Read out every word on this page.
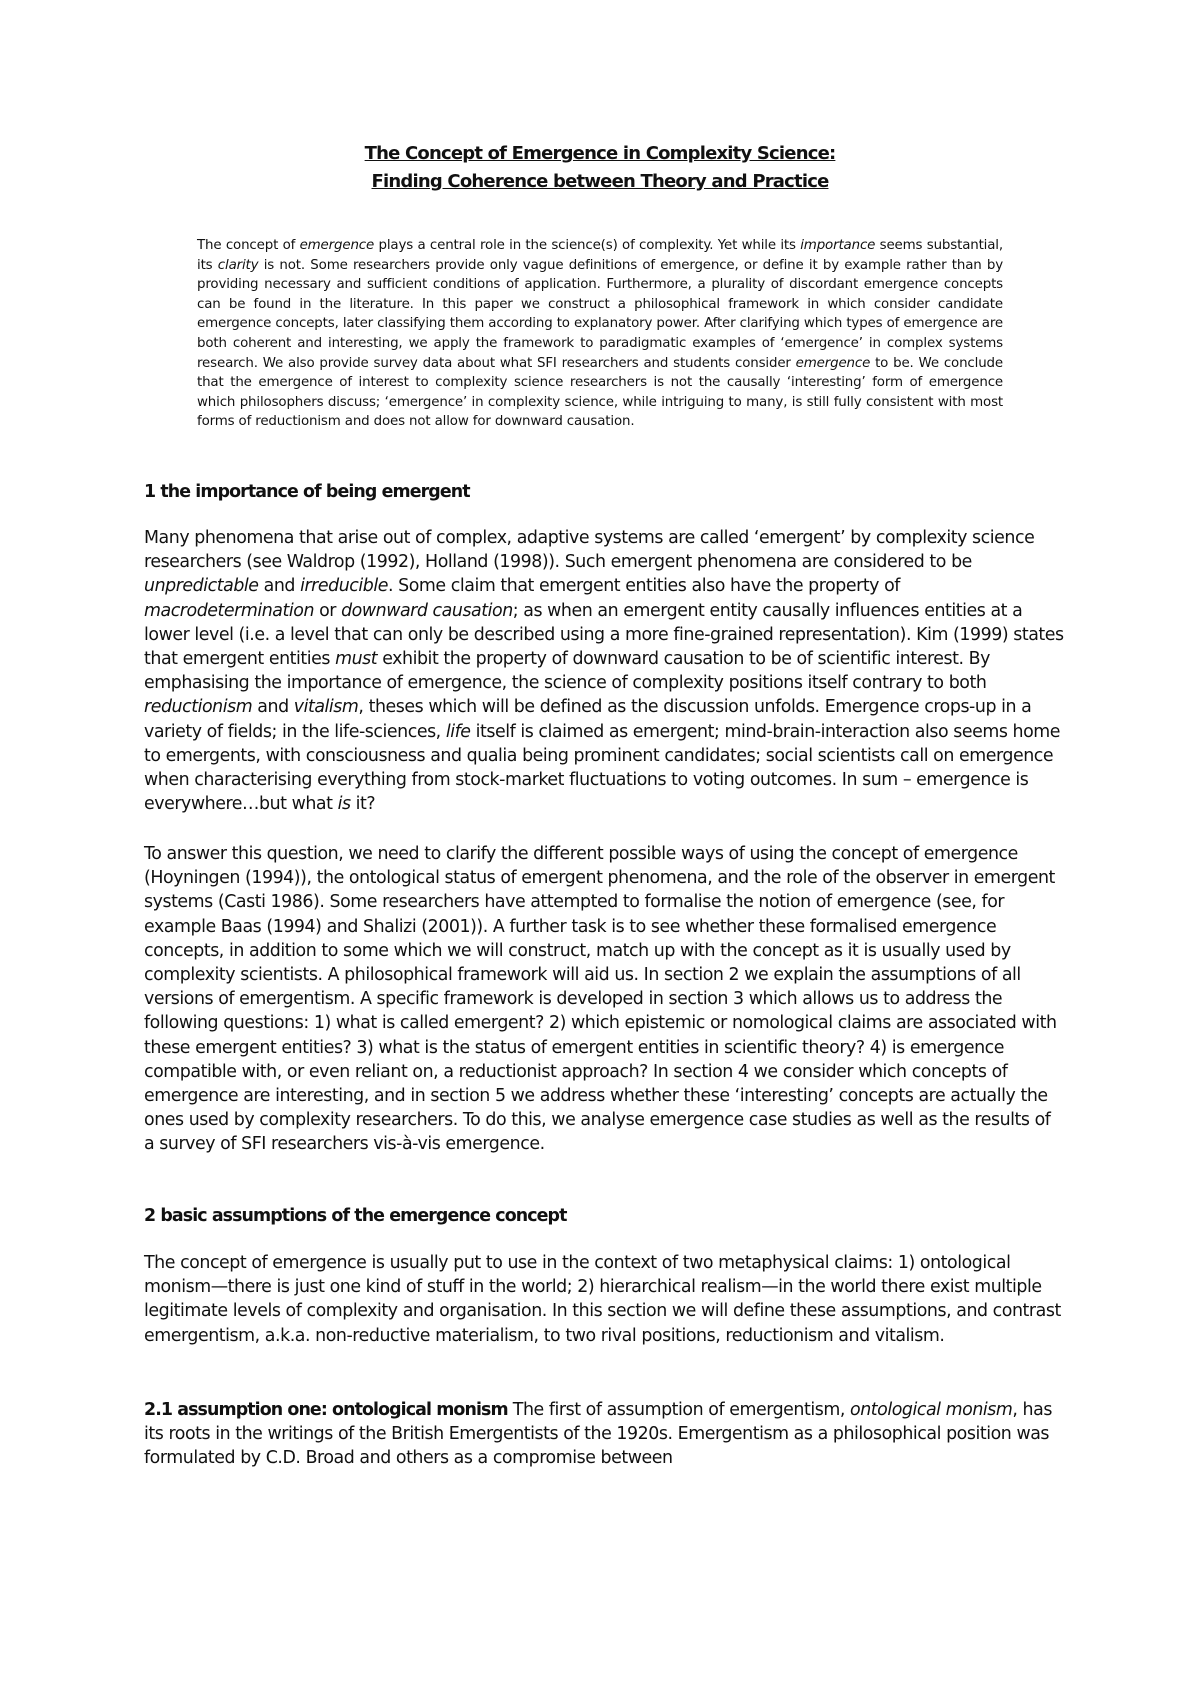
The Concept of Emergence in Complexity Science:

Finding Coherence between Theory and Practice

The concept of emergence plays a central role in the science(s) of complexity. Yet while its importance seems substantial, its clarity is not. Some researchers provide only vague definitions of emergence, or define it by example rather than by providing necessary and sufficient conditions of application. Furthermore, a plurality of discordant emergence concepts can be found in the literature. In this paper we construct a philosophical framework in which consider candidate emergence concepts, later classifying them according to explanatory power. After clarifying which types of emergence are both coherent and interesting, we apply the framework to paradigmatic examples of ‘emergence’ in complex systems research. We also provide survey data about what SFI researchers and students consider emergence to be. We conclude that the emergence of interest to complexity science researchers is not the causally ‘interesting’ form of emergence which philosophers discuss; ‘emergence’ in complexity science, while intriguing to many, is still fully consistent with most forms of reductionism and does not allow for downward causation.

1 the importance of being emergent

Many phenomena that arise out of complex, adaptive systems are called ‘emergent’ by complexity science researchers (see Waldrop (1992), Holland (1998)). Such emergent phenomena are considered to be unpredictable and irreducible. Some claim that emergent entities also have the property of macrodetermination or downward causation; as when an emergent entity causally influences entities at a lower level (i.e. a level that can only be described using a more fine-grained representation). Kim (1999) states that emergent entities must exhibit the property of downward causation to be of scientific interest. By emphasising the importance of emergence, the science of complexity positions itself contrary to both reductionism and vitalism, theses which will be defined as the discussion unfolds. Emergence crops-up in a variety of fields; in the life-sciences, life itself is claimed as emergent; mind-brain-interaction also seems home to emergents, with consciousness and qualia being prominent candidates; social scientists call on emergence when characterising everything from stock-market fluctuations to voting outcomes. In sum – emergence is everywhere…but what is it?

To answer this question, we need to clarify the different possible ways of using the concept of emergence (Hoyningen (1994)), the ontological status of emergent phenomena, and the role of the observer in emergent systems (Casti 1986). Some researchers have attempted to formalise the notion of emergence (see, for example Baas (1994) and Shalizi (2001)). A further task is to see whether these formalised emergence concepts, in addition to some which we will construct, match up with the concept as it is usually used by complexity scientists. A philosophical framework will aid us. In section 2 we explain the assumptions of all versions of emergentism. A specific framework is developed in section 3 which allows us to address the following questions: 1) what is called emergent? 2) which epistemic or nomological claims are associated with these emergent entities? 3) what is the status of emergent entities in scientific theory? 4) is emergence compatible with, or even reliant on, a reductionist approach? In section 4 we consider which concepts of emergence are interesting, and in section 5 we address whether these ‘interesting’ concepts are actually the ones used by complexity researchers. To do this, we analyse emergence case studies as well as the results of a survey of SFI researchers vis-à-vis emergence.

2 basic assumptions of the emergence concept

The concept of emergence is usually put to use in the context of two metaphysical claims: 1) ontological monism—there is just one kind of stuff in the world; 2) hierarchical realism—in the world there exist multiple legitimate levels of complexity and organisation. In this section we will define these assumptions, and contrast emergentism, a.k.a. non-reductive materialism, to two rival positions, reductionism and vitalism.

2.1 assumption one: ontological monism The first of assumption of emergentism, ontological monism, has its roots in the writings of the British Emergentists of the 1920s. Emergentism as a philosophical position was formulated by C.D. Broad and others as a compromise between
